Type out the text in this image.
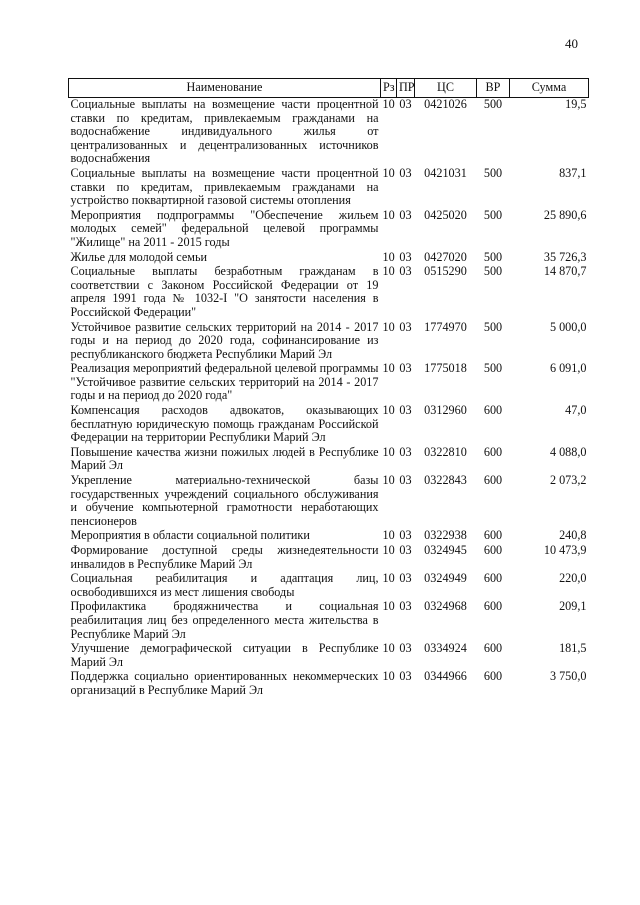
40
Наименование	Рз	ПР	ЦС	ВР	Сумма
Социальные выплаты на возмещение части процентной ставки по кредитам, привлекаемым гражданами на водоснабжение индивидуального жилья от централизованных и децентрализованных источников водоснабжения	10	03	0421026	500	19,5
Социальные выплаты на возмещение части процентной ставки по кредитам, привлекаемым гражданами на устройство поквартирной газовой системы отопления	10	03	0421031	500	837,1
Мероприятия подпрограммы "Обеспечение жильем молодых семей" федеральной целевой программы "Жилище" на 2011 - 2015 годы	10	03	0425020	500	25 890,6
Жилье для молодой семьи	10	03	0427020	500	35 726,3
Социальные выплаты безработным гражданам в соответствии с Законом Российской Федерации от 19 апреля 1991 года № 1032-I "О занятости населения в Российской Федерации"	10	03	0515290	500	14 870,7
Устойчивое развитие сельских территорий на 2014 - 2017 годы и на период до 2020 года, софинансирование из республиканского бюджета Республики Марий Эл	10	03	1774970	500	5 000,0
Реализация мероприятий федеральной целевой программы "Устойчивое развитие сельских территорий на 2014 - 2017 годы и на период до 2020 года"	10	03	1775018	500	6 091,0
Компенсация расходов адвокатов, оказывающих бесплатную юридическую помощь гражданам Российской Федерации на территории Республики Марий Эл	10	03	0312960	600	47,0
Повышение качества жизни пожилых людей в Республике Марий Эл	10	03	0322810	600	4 088,0
Укрепление материально-технической базы государственных учреждений социального обслуживания и обучение компьютерной грамотности неработающих пенсионеров	10	03	0322843	600	2 073,2
Мероприятия в области социальной политики	10	03	0322938	600	240,8
Формирование доступной среды жизнедеятельности инвалидов в Республике Марий Эл	10	03	0324945	600	10 473,9
Социальная реабилитация и адаптация лиц, освободившихся из мест лишения свободы	10	03	0324949	600	220,0
Профилактика бродяжничества и социальная реабилитация лиц без определенного места жительства в Республике Марий Эл	10	03	0324968	600	209,1
Улучшение демографической ситуации в Республике Марий Эл	10	03	0334924	600	181,5
Поддержка социально ориентированных некоммерческих организаций в Республике Марий Эл	10	03	0344966	600	3 750,0
